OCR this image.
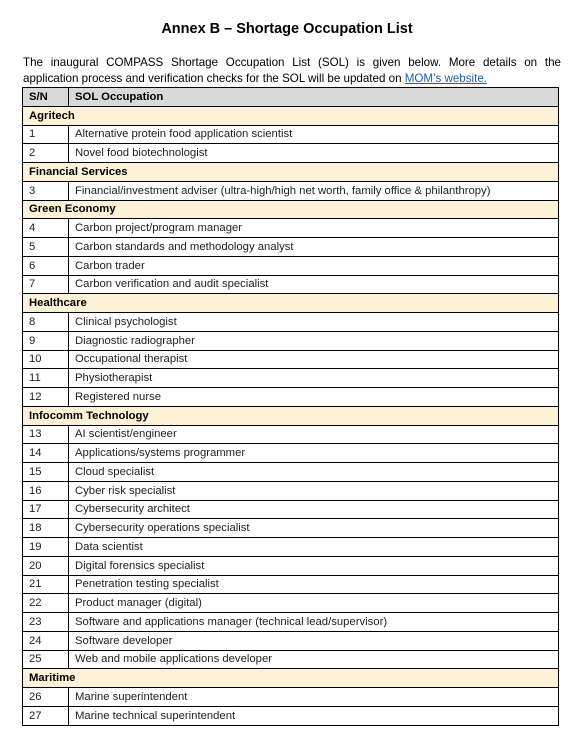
Annex B – Shortage Occupation List
The inaugural COMPASS Shortage Occupation List (SOL) is given below. More details on the
application process and verification checks for the SOL will be updated on MOM’s website.
S/N	SOL Occupation
Agritech	
1	Alternative protein food application scientist
2	Novel food biotechnologist
Financial Services	
3	Financial/investment adviser (ultra-high/high net worth, family office & philanthropy)
Green Economy	
4	Carbon project/program manager
5	Carbon standards and methodology analyst
6	Carbon trader
7	Carbon verification and audit specialist
Healthcare	
8	Clinical psychologist
9	Diagnostic radiographer
10	Occupational therapist
11	Physiotherapist
12	Registered nurse
Infocomm Technology	
13	AI scientist/engineer
14	Applications/systems programmer
15	Cloud specialist
16	Cyber risk specialist
17	Cybersecurity architect
18	Cybersecurity operations specialist
19	Data scientist
20	Digital forensics specialist
21	Penetration testing specialist
22	Product manager (digital)
23	Software and applications manager (technical lead/supervisor)
24	Software developer
25	Web and mobile applications developer
Maritime	
26	Marine superintendent
27	Marine technical superintendent
